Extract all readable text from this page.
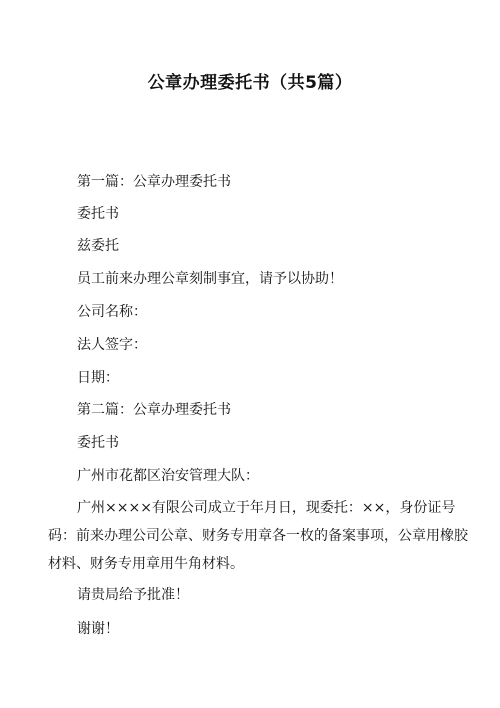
公章办理委托书（共5篇）
第一篇：公章办理委托书
委托书
兹委托
员工前来办理公章刻制事宜，请予以协助！
公司名称：
法人签字：
日期：
第二篇：公章办理委托书
委托书
广州市花都区治安管理大队：
广州××××有限公司成立于年月日，现委托：××，身份证号
码：前来办理公司公章、财务专用章各一枚的备案事项，公章用橡胶
材料、财务专用章用牛角材料。
请贵局给予批准！
谢谢！
